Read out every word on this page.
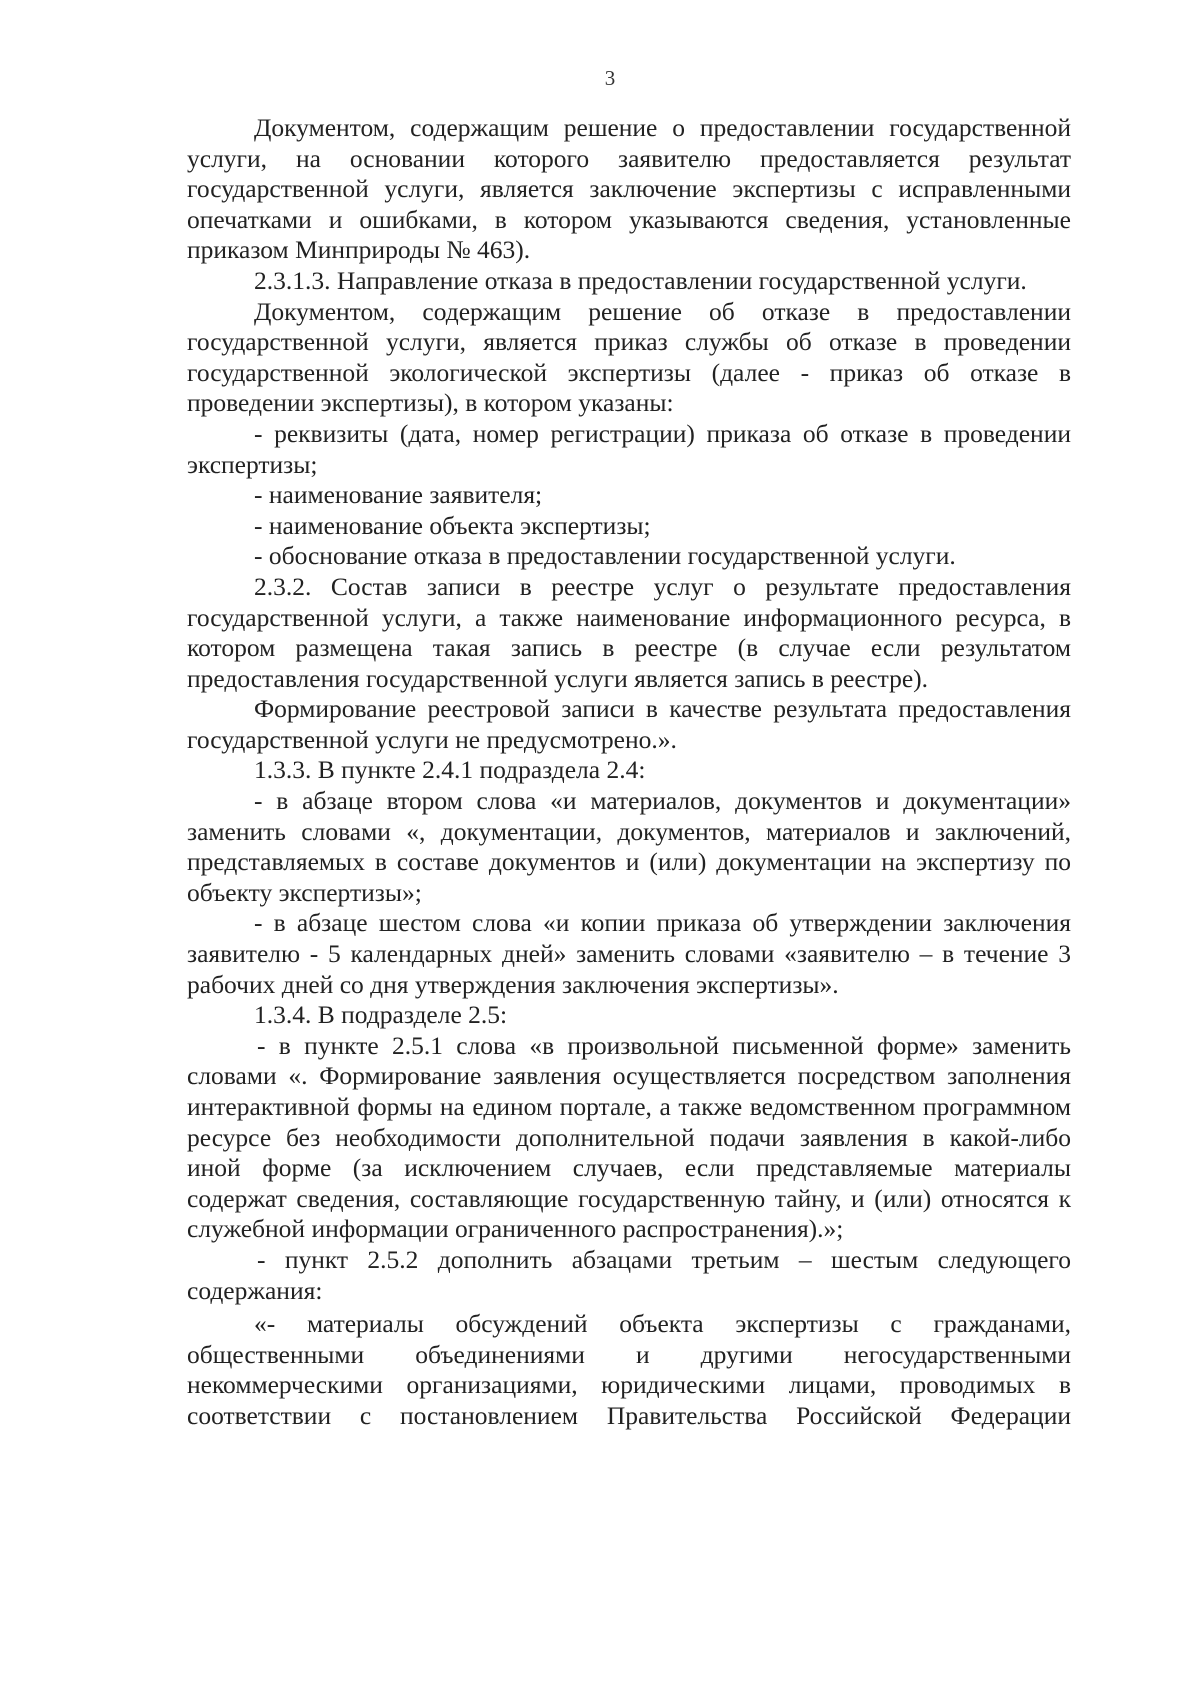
3

Документом, содержащим решение о предоставлении государственной услуги, на основании которого заявителю предоставляется результат государственной услуги, является заключение экспертизы с исправленными опечатками и ошибками, в котором указываются сведения, установленные приказом Минприроды № 463).

2.3.1.3. Направление отказа в предоставлении государственной услуги.

Документом, содержащим решение об отказе в предоставлении государственной услуги, является приказ службы об отказе в проведении государственной экологической экспертизы (далее - приказ об отказе в проведении экспертизы), в котором указаны:

- реквизиты (дата, номер регистрации) приказа об отказе в проведении экспертизы;

- наименование заявителя;

- наименование объекта экспертизы;

- обоснование отказа в предоставлении государственной услуги.

2.3.2. Состав записи в реестре услуг о результате предоставления государственной услуги, а также наименование информационного ресурса, в котором размещена такая запись в реестре (в случае если результатом предоставления государственной услуги является запись в реестре).

Формирование реестровой записи в качестве результата предоставления государственной услуги не предусмотрено.».

1.3.3. В пункте 2.4.1 подраздела 2.4:

- в абзаце втором слова «и материалов, документов и документации» заменить словами «, документации, документов, материалов и заключений, представляемых в составе документов и (или) документации на экспертизу по объекту экспертизы»;

- в абзаце шестом слова «и копии приказа об утверждении заключения заявителю - 5 календарных дней» заменить словами «заявителю – в течение 3 рабочих дней со дня утверждения заключения экспертизы».

1.3.4. В подразделе 2.5:

- в пункте 2.5.1 слова «в произвольной письменной форме» заменить словами «. Формирование заявления осуществляется посредством заполнения интерактивной формы на едином портале, а также ведомственном программном ресурсе без необходимости дополнительной подачи заявления в какой-либо иной форме (за исключением случаев, если представляемые материалы содержат сведения, составляющие государственную тайну, и (или) относятся к служебной информации ограниченного распространения).»;

- пункт 2.5.2 дополнить абзацами третьим – шестым следующего содержания:

«- материалы обсуждений объекта экспертизы с гражданами, общественными объединениями и другими негосударственными некоммерческими организациями, юридическими лицами, проводимых в соответствии с постановлением Правительства Российской Федерации
